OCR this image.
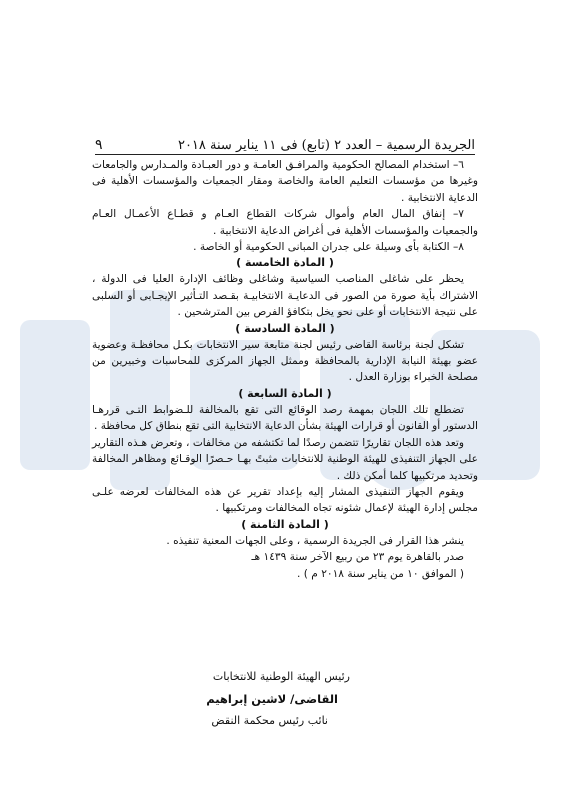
٩	الجريدة الرسمية – العدد ٢ (تابع) فى ١١ يناير سنة ٢٠١٨

٦– استخدام المصالح الحكومية والمرافـق العامـة و دور العبـادة والمـدارس والجامعات وغيرها من مؤسسات التعليم العامة والخاصة ومقار الجمعيات والمؤسسات الأهلية فى الدعاية الانتخابية .

٧– إنفاق المال العام وأموال شركات القطاع العـام و قطـاع الأعمـال العـام والجمعيات والمؤسسات الأهلية فى أغراض الدعاية الانتخابية .

٨– الكتابة بأى وسيلة على جدران المبانى الحكومية أو الخاصة .

( المادة الخامسة )

يحظر على شاغلى المناصب السياسية وشاغلى وظائف الإدارة العليا فى الدولة ، الاشتراك بأية صورة من الصور فى الدعايـة الانتخابيـة بقـصد التـأثير الإيجـابى أو السلبى على نتيجة الانتخابات أو على نحو يخل بتكافؤ الفرص بين المترشحين .

( المادة السادسة )

تشكل لجنة برئاسة القاضى رئيس لجنة متابعة سير الانتخابات بكـل محافظـة وعضوية عضو بهيئة النيابة الإدارية بالمحافظة وممثل الجهاز المركزى للمحاسبات وخبيرين من مصلحة الخبراء بوزارة العدل .

( المادة السابعة )

تضطلع تلك اللجان بمهمة رصد الوقائع التى تقع بالمخالفة للـضوابط التـى قررهـا الدستور أو القانون أو قرارات الهيئة بشأن الدعاية الانتخابية التى تقع بنطاق كل محافظة .

وتعد هذه اللجان تقاريرًا تتضمن رصدًا لما تكتشفه من مخالفات ، وتعرض هـذه التقارير على الجهاز التنفيذى للهيئة الوطنية للانتخابات مثبتً بهـا حـصرًا الوقـائع ومظاهر المخالفة وتحديد مرتكبيها كلما أمكن ذلك .

ويقوم الجهاز التنفيذى المشار إليه بإعداد تقرير عن هذه المخالفات لعرضه علـى مجلس إدارة الهيئة لإعمال شئونه تجاه المخالفات ومرتكبيها .

( المادة الثامنة )

ينشر هذا القرار فى الجريدة الرسمية ، وعلى الجهات المعنية تنفيذه .

صدر بالقاهرة يوم ٢٣ من ربيع الآخر سنة ١٤٣٩ هـ

( الموافق ١٠ من يناير سنة ٢٠١٨ م ) .

رئيس الهيئة الوطنية للانتخابات
القاضى/ لاشين إبراهيم
نائب رئيس محكمة النقض
